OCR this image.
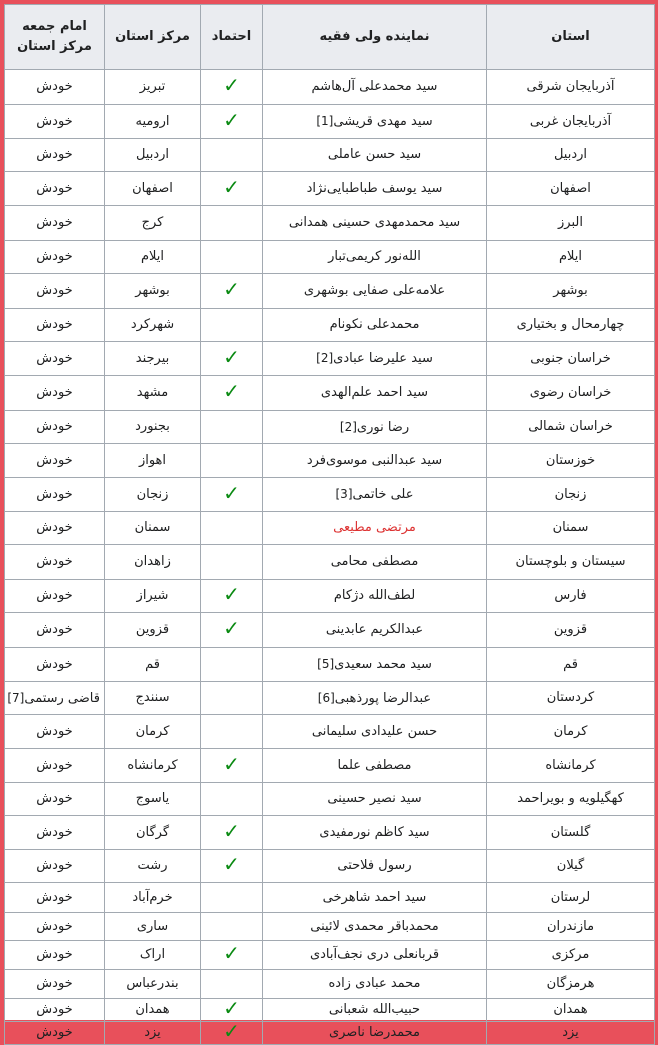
استان	نماینده ولی فقیه	احتماد	مرکز استان	امام جمعه مرکز استان
آذربایجان شرقی	سید محمدعلی آل‌هاشم	✓	تبریز	خودش
آذربایجان غربی	سید مهدی قریشی[1]	✓	ارومیه	خودش
اردبیل	سید حسن عاملی		اردبیل	خودش
اصفهان	سید یوسف طباطبایی‌نژاد	✓	اصفهان	خودش
البرز	سید محمدمهدی حسینی همدانی		کرج	خودش
ایلام	الله‌نور کریمی‌تبار		ایلام	خودش
بوشهر	علامه‌علی صفایی بوشهری	✓	بوشهر	خودش
چهارمحال و بختیاری	محمدعلی نکونام		شهرکرد	خودش
خراسان جنوبی	سید علیرضا عبادی[2]	✓	بیرجند	خودش
خراسان رضوی	سید احمد علم‌الهدی	✓	مشهد	خودش
خراسان شمالی	رضا نوری[2]		بجنورد	خودش
خوزستان	سید عبدالنبی موسوی‌فرد		اهواز	خودش
زنجان	علی خاتمی[3]	✓	زنجان	خودش
سمنان	مرتضی مطیعی		سمنان	خودش
سیستان و بلوچستان	مصطفی محامی		زاهدان	خودش
فارس	لطف‌الله دژکام	✓	شیراز	خودش
قزوین	عبدالکریم عابدینی	✓	قزوین	خودش
قم	سید محمد سعیدی[5]		قم	خودش
کردستان	عبدالرضا پورذهبی[6]		سنندج	قاضی رستمی[7]
کرمان	حسن علیدادی سلیمانی		کرمان	خودش
کرمانشاه	مصطفی علما	✓	کرمانشاه	خودش
کهگیلویه و بویراحمد	سید نصیر حسینی		یاسوج	خودش
گلستان	سید کاظم نورمفیدی	✓	گرگان	خودش
گیلان	رسول فلاحتی	✓	رشت	خودش
لرستان	سید احمد شاهرخی		خرم‌آباد	خودش
مازندران	محمدباقر محمدی لائینی		ساری	خودش
مرکزی	قربانعلی دری نجف‌آبادی	✓	اراک	خودش
هرمزگان	محمد عبادی زاده		بندرعباس	خودش
همدان	حبیب‌الله شعبانی	✓	همدان	خودش
یزد	محمدرضا ناصری	✓	یزد	خودش
